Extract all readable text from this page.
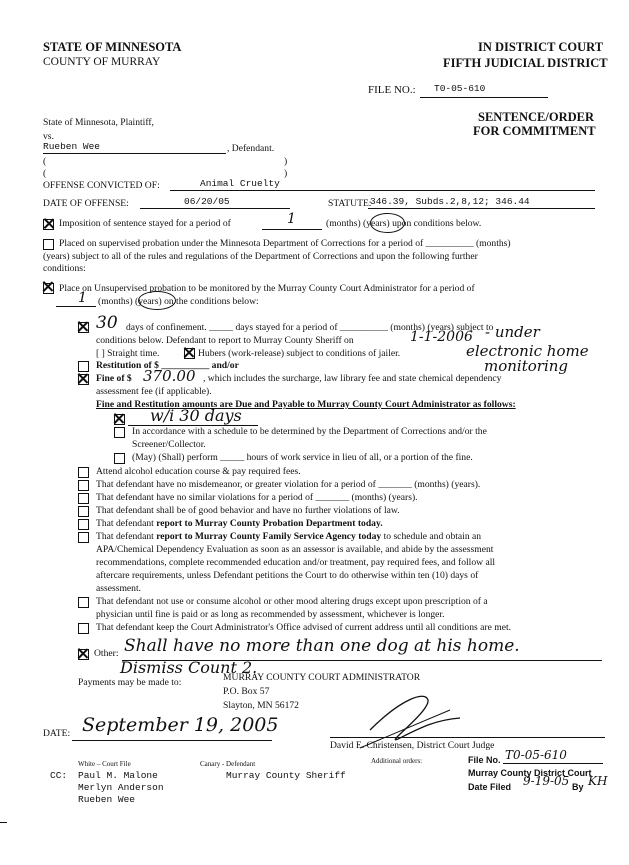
STATE OF MINNESOTA
COUNTY OF MURRAY
IN DISTRICT COURT
FIFTH JUDICIAL DISTRICT
FILE NO.: T0-05-610
State of Minnesota, Plaintiff,
vs.
Rueben Wee	, Defendant.
(	)
(	)
SENTENCE/ORDER
FOR COMMITMENT
OFFENSE CONVICTED OF:	Animal Cruelty
DATE OF OFFENSE:	06/20/05	STATUTE:
346.39, Subds.2,8,12; 346.44
Imposition of sentence stayed for a period of	1	(months) (years) upon conditions below.
Placed on supervised probation under the Minnesota Department of Corrections for a period of __________ (months)
(years) subject to all of the rules and regulations of the Department of Corrections and upon the following further
conditions:
Place on Unsupervised probation to be monitored by the Murray County Court Administrator for a period of
1 (months) (years) on the conditions below:
30 days of confinement. _____ days stayed for a period of __________ (months) (years) subject to
conditions below. Defendant to report to Murray County Sheriff on	1-1-2006 - under
[ ] Straight time.	Hubers (work-release) subject to conditions of jailer.	electronic home
Restitution of $ __________ and/or	monitoring
Fine of $ 370.00 , which includes the surcharge, law library fee and state chemical dependency
assessment fee (if applicable).
Fine and Restitution amounts are Due and Payable to Murray County Court Administrator as follows:
w/i 30 days
In accordance with a schedule to be determined by the Department of Corrections and/or the
Screener/Collector.
(May) (Shall) perform _____ hours of work service in lieu of all, or a portion of the fine.
Attend alcohol education course & pay required fees.
That defendant have no misdemeanor, or greater violation for a period of _______ (months) (years).
That defendant have no similar violations for a period of _______ (months) (years).
That defendant shall be of good behavior and have no further violations of law.
That defendant report to Murray County Probation Department today.
That defendant report to Murray County Family Service Agency today to schedule and obtain an
APA/Chemical Dependency Evaluation as soon as an assessor is available, and abide by the assessment
recommendations, complete recommended education and/or treatment, pay required fees, and follow all
aftercare requirements, unless Defendant petitions the Court to do otherwise within ten (10) days of
assessment.
That defendant not use or consume alcohol or other mood altering drugs except upon prescription of a
physician until fine is paid or as long as recommended by assessment, whichever is longer.
That defendant keep the Court Administrator's Office advised of current address until all conditions are met.
Other: Shall have no more than one dog at his home.
Dismiss Count 2.
Payments may be made to:	MURRAY COUNTY COURT ADMINISTRATOR
P.O. Box 57
Slayton, MN 56172
DATE: September 19, 2005
David E. Christensen, District Court Judge
Additional orders:
White – Court File	Canary - Defendant
CC: Paul M. Malone	Murray County Sheriff
Merlyn Anderson
Rueben Wee
File No. T0-05-610
Murray County District Court
Date Filed 9-19-05 By KH
